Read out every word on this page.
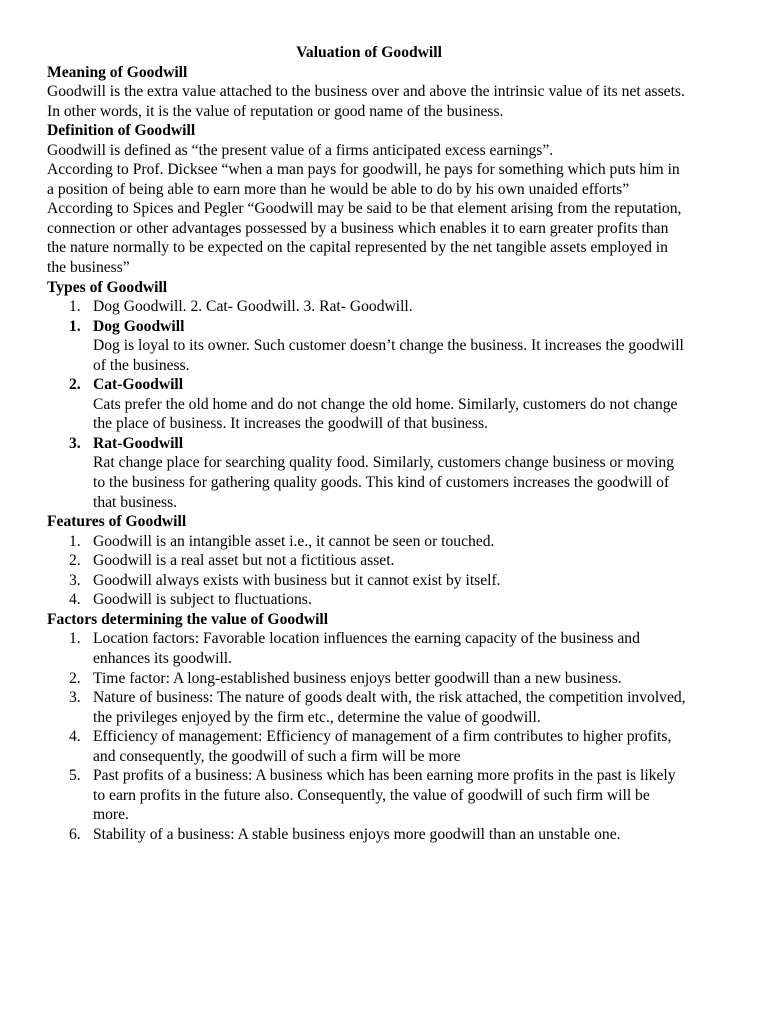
Valuation of Goodwill

Meaning of Goodwill

Goodwill is the extra value attached to the business over and above the intrinsic value of its net assets. In other words, it is the value of reputation or good name of the business.

Definition of Goodwill

Goodwill is defined as “the present value of a firms anticipated excess earnings”.

According to Prof. Dicksee “when a man pays for goodwill, he pays for something which puts him in a position of being able to earn more than he would be able to do by his own unaided efforts”

According to Spices and Pegler “Goodwill may be said to be that element arising from the reputation, connection or other advantages possessed by a business which enables it to earn greater profits than the nature normally to be expected on the capital represented by the net tangible assets employed in the business”

Types of Goodwill

1. Dog Goodwill. 2. Cat- Goodwill. 3. Rat- Goodwill.
1. Dog Goodwill
Dog is loyal to its owner. Such customer doesn’t change the business. It increases the goodwill of the business.
2. Cat-Goodwill
Cats prefer the old home and do not change the old home. Similarly, customers do not change the place of business. It increases the goodwill of that business.
3. Rat-Goodwill
Rat change place for searching quality food. Similarly, customers change business or moving to the business for gathering quality goods. This kind of customers increases the goodwill of that business.

Features of Goodwill

1. Goodwill is an intangible asset i.e., it cannot be seen or touched.
2. Goodwill is a real asset but not a fictitious asset.
3. Goodwill always exists with business but it cannot exist by itself.
4. Goodwill is subject to fluctuations.

Factors determining the value of Goodwill

1. Location factors: Favorable location influences the earning capacity of the business and enhances its goodwill.
2. Time factor: A long-established business enjoys better goodwill than a new business.
3. Nature of business: The nature of goods dealt with, the risk attached, the competition involved, the privileges enjoyed by the firm etc., determine the value of goodwill.
4. Efficiency of management: Efficiency of management of a firm contributes to higher profits, and consequently, the goodwill of such a firm will be more
5. Past profits of a business: A business which has been earning more profits in the past is likely to earn profits in the future also. Consequently, the value of goodwill of such firm will be more.
6. Stability of a business: A stable business enjoys more goodwill than an unstable one.
